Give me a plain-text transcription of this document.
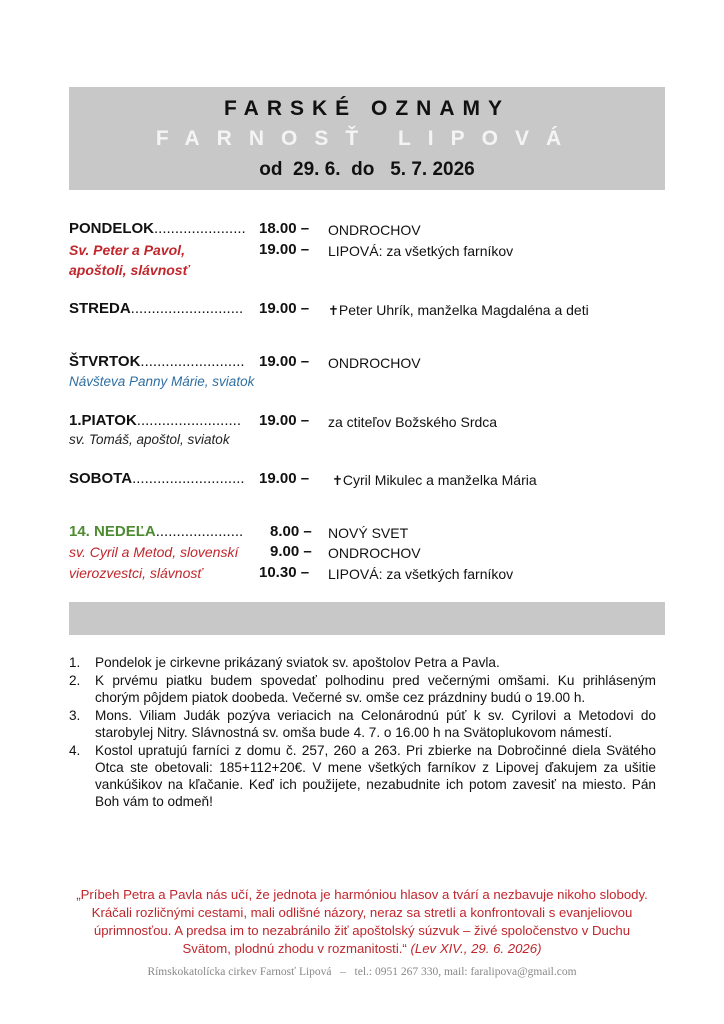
FARSKÉ OZNAMY
FARNOSŤ LIPOVÁ
od  29. 6.  do   5. 7. 2026
PONDELOK......................
Sv. Peter a Pavol,
apoštoli, slávnosť
18.00 –
19.00 –
ONDROCHOV
LIPOVÁ: za všetkých farníkov
STREDA........................... 19.00 – ✝Peter Uhrík, manželka Magdaléna a deti
ŠTVRTOK.........................
Návšteva Panny Márie, sviatok
19.00 – ONDROCHOV
1.PIATOK.........................
sv. Tomáš, apoštol, sviatok
19.00 – za ctiteľov Božského Srdca
SOBOTA........................... 19.00 – ✝Cyril Mikulec a manželka Mária
14. NEDEĽA.....................
sv. Cyril a Metod, slovenskí
vierozvestci, slávnosť
8.00 –
9.00 –
10.30 –
NOVÝ SVET
ONDROCHOV
LIPOVÁ: za všetkých farníkov
1. Pondelok je cirkevne prikázaný sviatok sv. apoštolov Petra a Pavla.
2. K prvému piatku budem spovedať polhodinu pred večernými omšami. Ku prihláseným chorým pôjdem piatok doobeda. Večerné sv. omše cez prázdniny budú o 19.00 h.
3. Mons. Viliam Judák pozýva veriacich na Celonárodnú púť k sv. Cyrilovi a Metodovi do starobylej Nitry. Slávnostná sv. omša bude 4. 7. o 16.00 h na Svätoplukovom námestí.
4. Kostol upratujú farníci z domu č. 257, 260 a 263. Pri zbierke na Dobročinné diela Svätého Otca ste obetovali: 185+112+20€. V mene všetkých farníkov z Lipovej ďakujem za ušitie vankúšikov na kľačanie. Keď ich použijete, nezabudnite ich potom zavesiť na miesto. Pán Boh vám to odmeň!
„Príbeh Petra a Pavla nás učí, že jednota je harmóniou hlasov a tvárí a nezbavuje nikoho slobody. Kráčali rozličnými cestami, mali odlišné názory, neraz sa stretli a konfrontovali s evanjeliovou úprimnosťou. A predsa im to nezabránilo žiť apoštolský súzvuk – živé spoločenstvo v Duchu Svätom, plodnú zhodu v rozmanitosti.“ (Lev XIV., 29. 6. 2026)
Rímskokatolícka cirkev Farnosť Lipová   –   tel.: 0951 267 330, mail: faralipova@gmail.com
